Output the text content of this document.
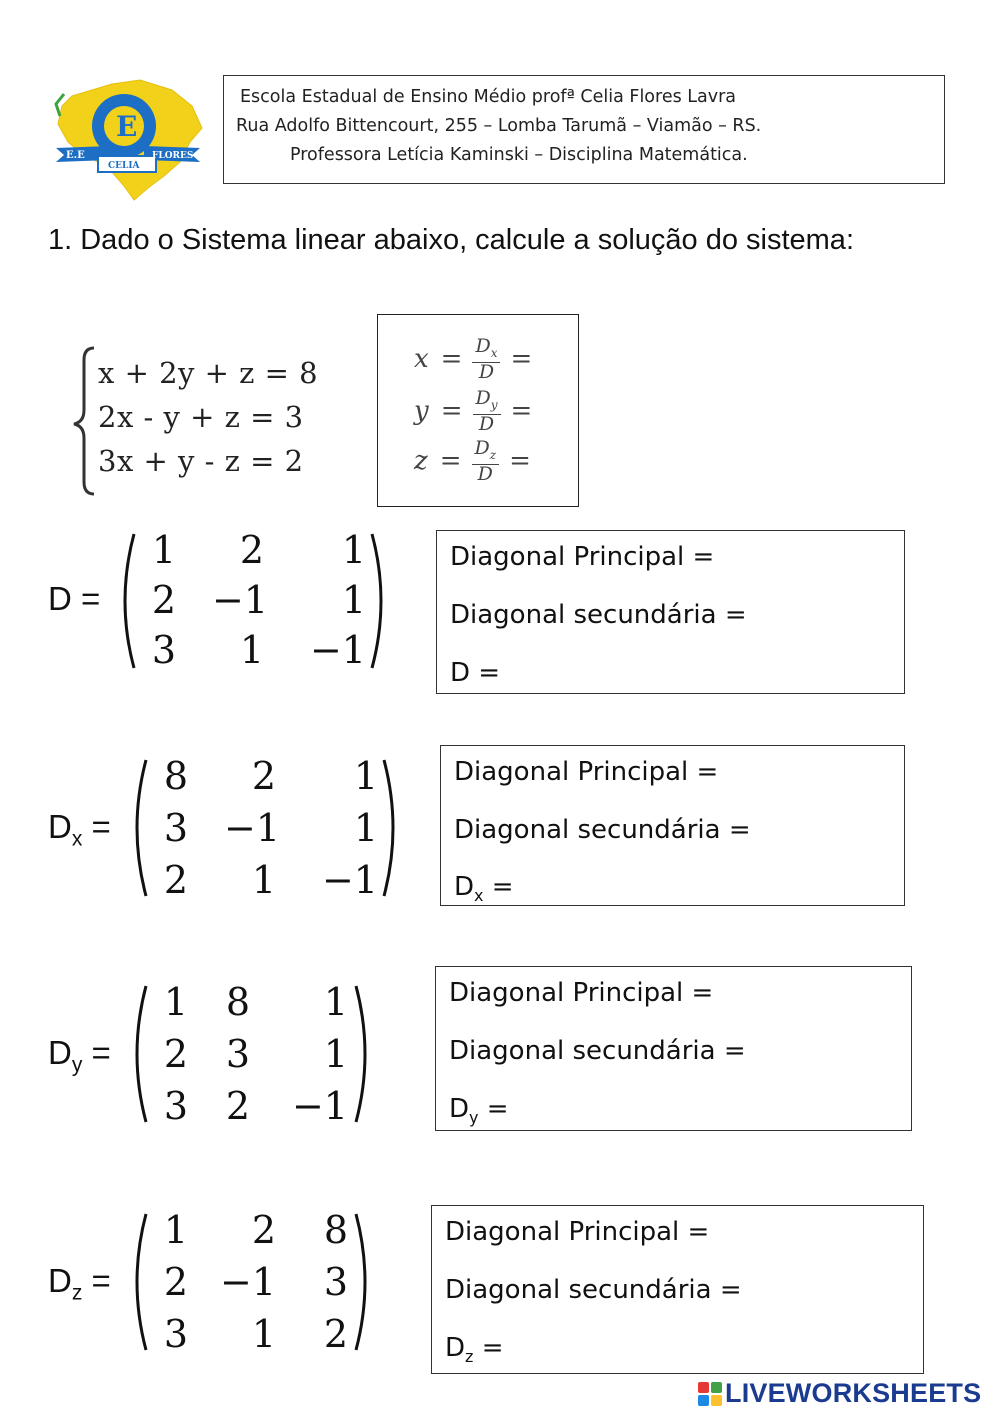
E
E.E	FLORES
CELIA
Escola Estadual de Ensino Médio profª Celia Flores Lavra
Rua Adolfo Bittencourt, 255 – Lomba Tarumã – Viamão – RS.
Professora Letícia Kaminski – Disciplina Matemática.
1. Dado o Sistema linear abaixo, calcule a solução do sistema:
x + 2y + z = 8
2x - y + z = 3
3x + y - z = 2
$x = \frac{D_x}{D}$ =
$y = \frac{D_y}{D}$ =
$z = \frac{D_z}{D}$ =
D =
1	2	1
2 −1	1
3	1 −1
Diagonal Principal =
Diagonal secundária =
D =
$D_x$ =
8	2	1
3 −1	1
2	1 −1
Diagonal Principal =
Diagonal secundária =
$D_x$ =
$D_y$ =
1 8	1
2 3	1
3 2 −1
Diagonal Principal =
Diagonal secundária =
$D_y$ =
$D_z$ =
1	2	8
2 −1	3
3	1	2
Diagonal Principal =
Diagonal secundária =
$D_z$ =
LIVEWORKSHEETS
